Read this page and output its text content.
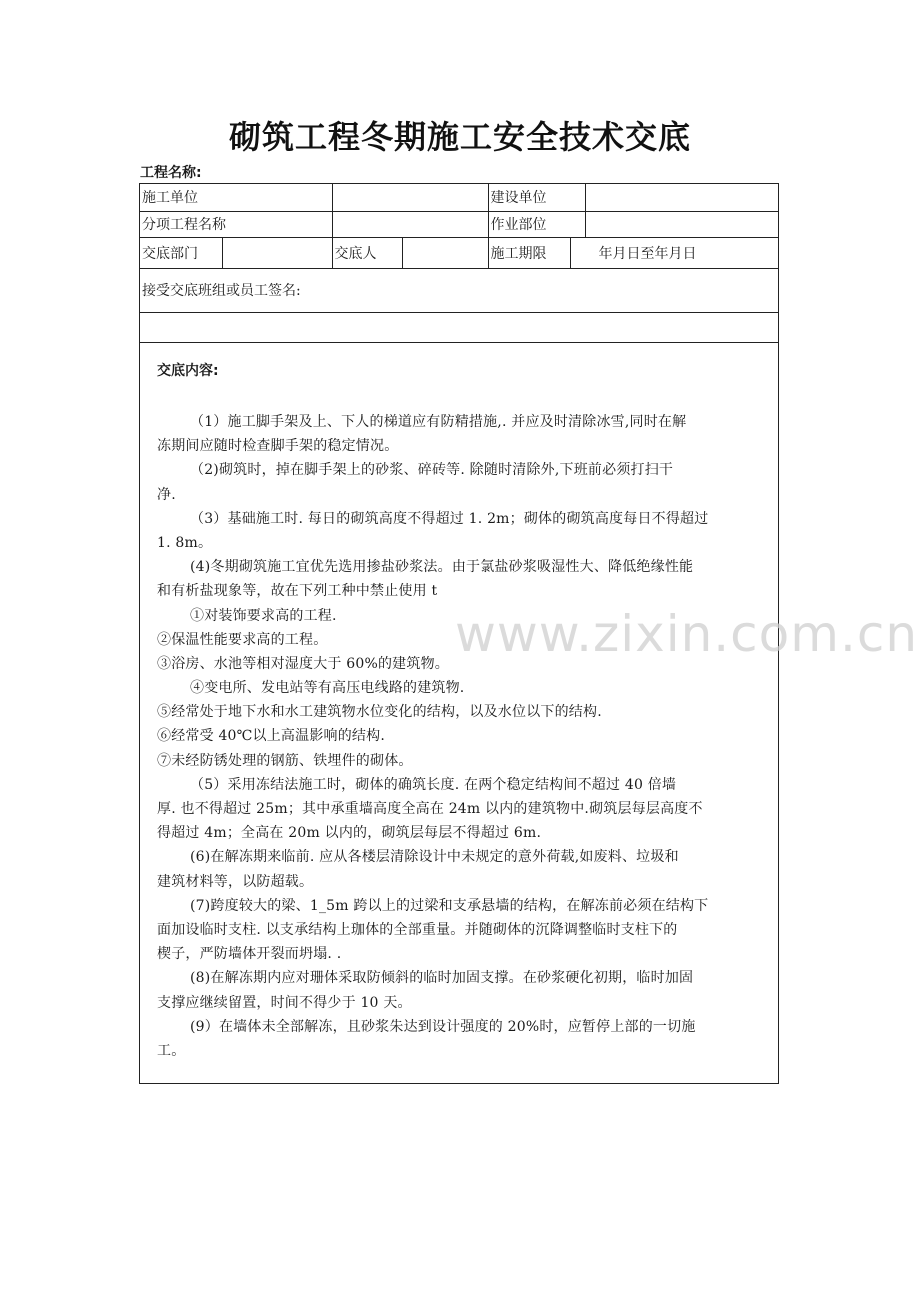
砌筑工程冬期施工安全技术交底
工程名称:
施工单位				建设单位		
分项工程名称				作业部位		
交底部门		交底人		施工期限	年月日至年月日	
接受交底班组或员工签名:						

交底内容:
（1）施工脚手架及上、下人的梯道应有防精措施,. 并应及时清除冰雪,同时在解
冻期间应随时检查脚手架的稳定情况。
（2)砌筑时，掉在脚手架上的砂浆、碎砖等. 除随时清除外,下班前必须打扫干
净.
（3）基础施工时. 每日的砌筑高度不得超过 1. 2m；砌体的砌筑高度每日不得超过
1. 8m。
(4)冬期砌筑施工宜优先选用掺盐砂浆法。由于氯盐砂浆吸湿性大、降低绝缘性能
和有析盐现象等，故在下列工种中禁止使用 t
①对装饰要求高的工程.
②保温性能要求高的工程。
③浴房、水池等相对湿度大于 60%的建筑物。
④变电所、发电站等有高压电线路的建筑物.
⑤经常处于地下水和水工建筑物水位变化的结构，以及水位以下的结构.
⑥经常受 40℃以上高温影响的结构.
⑦未经防锈处理的钢筋、铁埋件的砌体。
（5）采用冻结法施工时，砌体的确筑长度. 在两个稳定结构间不超过 40 倍墙
厚. 也不得超过 25m；其中承重墙高度全高在 24m 以内的建筑物中.砌筑层每层高度不
得超过 4m；全高在 20m 以内的，砌筑层每层不得超过 6m.
(6)在解冻期来临前. 应从各楼层清除设计中未规定的意外荷载,如废料、垃圾和
建筑材料等，以防超载。
(7)跨度较大的梁、1_5m 跨以上的过梁和支承悬墙的结构，在解冻前必须在结构下
面加设临时支柱. 以支承结构上珈体的全部重量。并随砌体的沉降调整临时支柱下的
楔子，严防墙体开裂而坍塌. .
(8)在解冻期内应对珊体采取防倾斜的临时加固支撑。在砂浆硬化初期，临时加固
支撑应继续留置，时间不得少于 10 天。
(9）在墙体未全部解冻，且砂浆朱达到设计强度的 20%时，应暂停上部的一切施
工。
www.zixin.com.cn
